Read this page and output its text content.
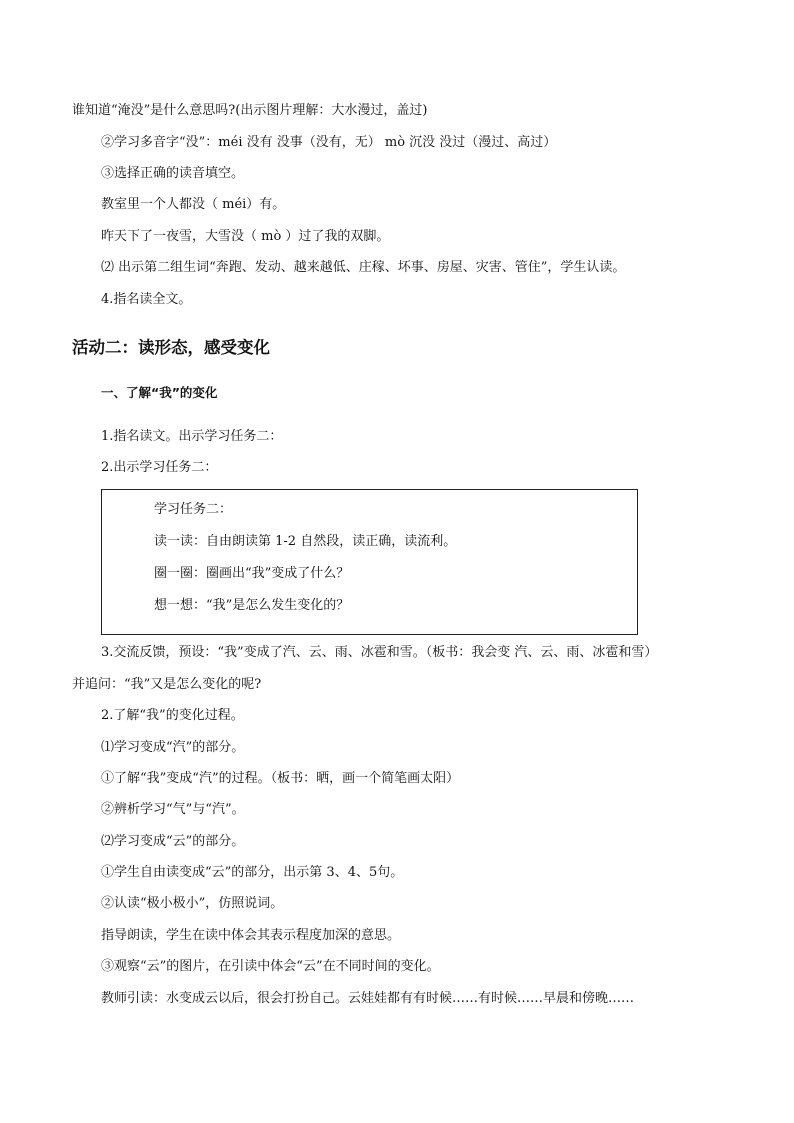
谁知道“淹没”是什么意思吗?(出示图片理解：大水漫过，盖过)
②学习多音字“没”：méi 没有 没事（没有，无） mò 沉没 没过（漫过、高过）
③选择正确的读音填空。
教室里一个人都没（ méi）有。
昨天下了一夜雪，大雪没（ mò ）过了我的双脚。
⑵ 出示第二组生词“奔跑、发动、越来越低、庄稼、坏事、房屋、灾害、管住”，学生认读。
4.指名读全文。
活动二：读形态，感受变化
一、了解“我”的变化
1.指名读文。出示学习任务二：
2.出示学习任务二：
学习任务二：
读一读：自由朗读第 1-2 自然段，读正确，读流利。
圈一圈：圈画出“我”变成了什么？
想一想：“我”是怎么发生变化的？
3.交流反馈，预设：“我”变成了汽、云、雨、冰雹和雪。（板书：我会变 汽、云、雨、冰雹和雪）
并追问：“我”又是怎么变化的呢?
2.了解“我”的变化过程。
⑴学习变成“汽”的部分。
①了解“我”变成“汽”的过程。（板书：晒，画一个简笔画太阳）
②辨析学习“气”与“汽”。
⑵学习变成“云”的部分。
①学生自由读变成“云”的部分，出示第 3、4、5句。
②认读“极小极小”，仿照说词。
指导朗读，学生在读中体会其表示程度加深的意思。
③观察“云”的图片，在引读中体会“云”在不同时间的变化。
教师引读：水变成云以后，很会打扮自己。云娃娃都有有时候……有时候……早晨和傍晚……
